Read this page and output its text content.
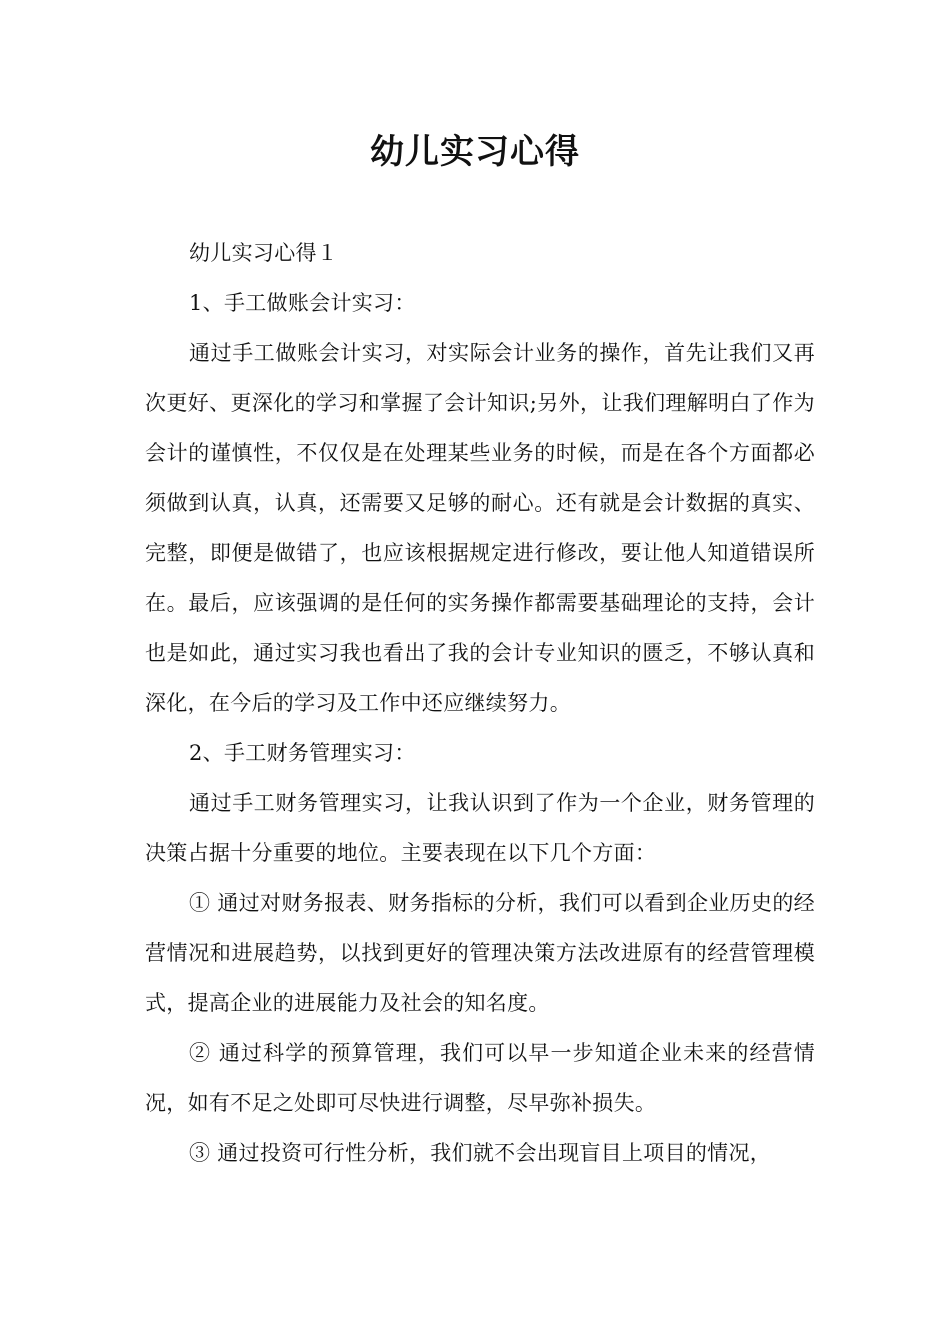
幼儿实习心得

幼儿实习心得１

1、手工做账会计实习：

通过手工做账会计实习，对实际会计业务的操作，首先让我们又再次更好、更深化的学习和掌握了会计知识;另外，让我们理解明白了作为会计的谨慎性，不仅仅是在处理某些业务的时候，而是在各个方面都必须做到认真，认真，还需要又足够的耐心。还有就是会计数据的真实、完整，即便是做错了，也应该根据规定进行修改，要让他人知道错误所在。最后，应该强调的是任何的实务操作都需要基础理论的支持，会计也是如此，通过实习我也看出了我的会计专业知识的匮乏，不够认真和深化，在今后的学习及工作中还应继续努力。

2、手工财务管理实习：

通过手工财务管理实习，让我认识到了作为一个企业，财务管理的决策占据十分重要的地位。主要表现在以下几个方面：

① 通过对财务报表、财务指标的分析，我们可以看到企业历史的经营情况和进展趋势，以找到更好的管理决策方法改进原有的经营管理模式，提高企业的进展能力及社会的知名度。

② 通过科学的预算管理，我们可以早一步知道企业未来的经营情况，如有不足之处即可尽快进行调整，尽早弥补损失。

③ 通过投资可行性分析，我们就不会出现盲目上项目的情况，
